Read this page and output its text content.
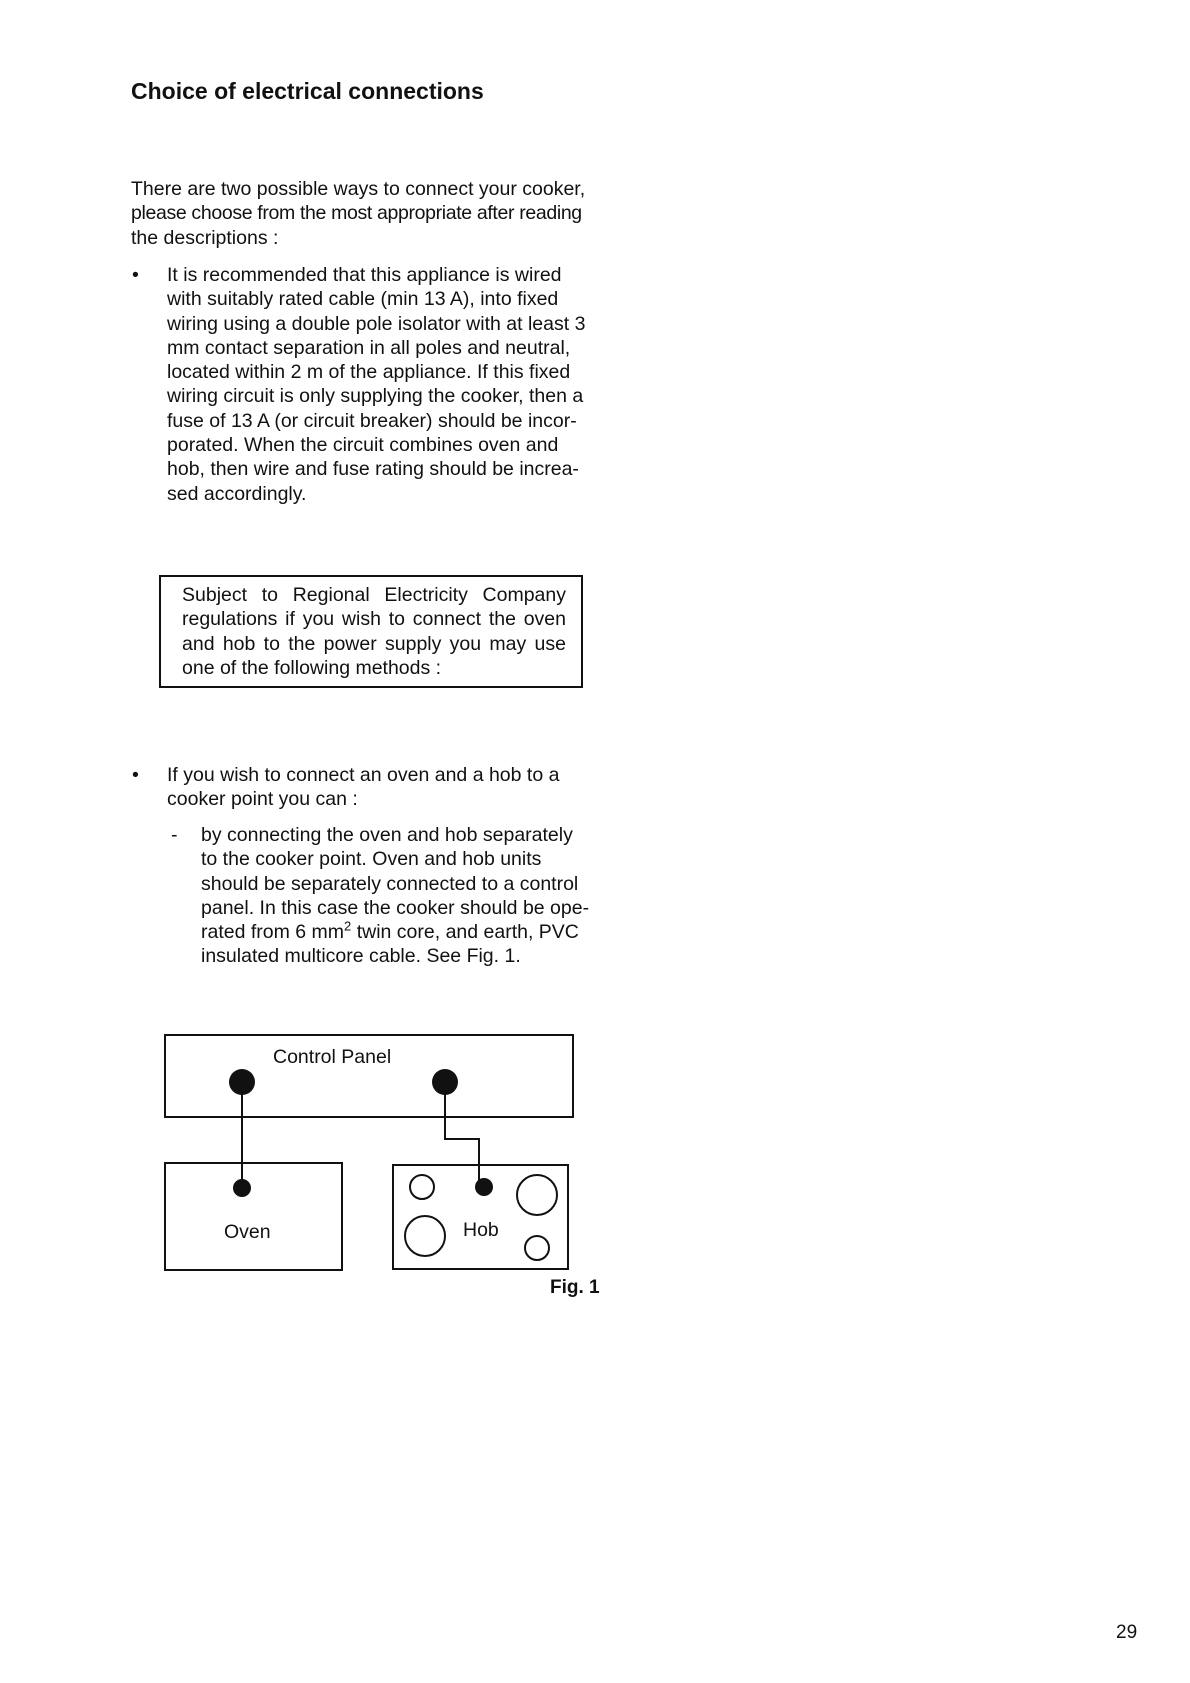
Choice of electrical connections
There are two possible ways to connect your cooker,
please choose from the most appropriate after reading
the descriptions :
• It is recommended that this appliance is wired
with suitably rated cable (min 13 A), into fixed
wiring using a double pole isolator with at least 3
mm contact separation in all poles and neutral,
located within 2 m of the appliance. If this fixed
wiring circuit is only supplying the cooker, then a
fuse of 13 A (or circuit breaker) should be incor-
porated. When the circuit combines oven and
hob, then wire and fuse rating should be increa-
sed accordingly.
Subject to Regional Electricity Company
regulations if you wish to connect the oven
and hob to the power supply you may use
one of the following methods :
• If you wish to connect an oven and a hob to a
cooker point you can :
- by connecting the oven and hob separately
to the cooker point. Oven and hob units
should be separately connected to a control
panel. In this case the cooker should be ope-
rated from 6 $mm^2$ twin core, and earth, PVC
insulated multicore cable. See Fig. 1.
Control Panel
Oven	Hob
Fig. 1
29
